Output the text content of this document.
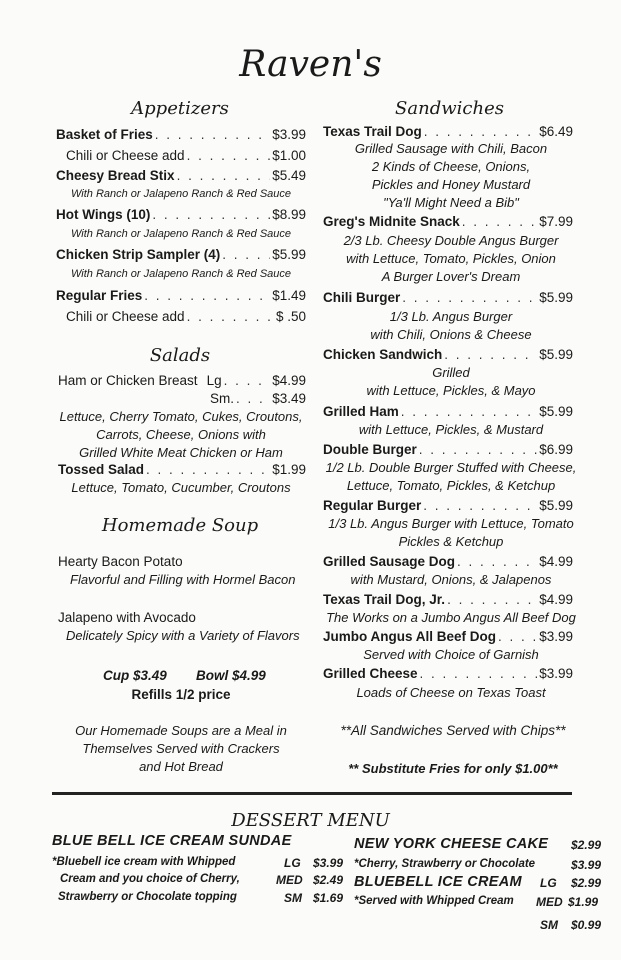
Raven's
Appetizers
Basket of Fries . . .	$3.99
Chili or Cheese add . . .	$1.00
Cheesy Bread Stix . . .	$5.49
With Ranch or Jalapeno Ranch & Red Sauce
Hot Wings (10) . . .	$8.99
With Ranch or Jalapeno Ranch & Red Sauce
Chicken Strip Sampler (4) . . .	$5.99
With Ranch or Jalapeno Ranch & Red Sauce
Regular Fries . . .	$1.49
Chili or Cheese add . . .	$ .50
Salads
Ham or Chicken Breast Lg . . .	$4.99
Sm. . . .	$3.49
Lettuce, Cherry Tomato, Cukes, Croutons,
Carrots, Cheese, Onions with
Grilled White Meat Chicken or Ham
Tossed Salad . . .	$1.99
Lettuce, Tomato, Cucumber, Croutons
Homemade Soup
Hearty Bacon Potato
Flavorful and Filling with Hormel Bacon
Jalapeno with Avocado
Delicately Spicy with a Variety of Flavors
Cup $3.49 Bowl $4.99
Refills 1/2 price
Our Homemade Soups are a Meal in
Themselves Served with Crackers
and Hot Bread
Sandwiches
Texas Trail Dog . . .	$6.49
Grilled Sausage with Chili, Bacon
2 Kinds of Cheese, Onions,
Pickles and Honey Mustard
"Ya'll Might Need a Bib"
Greg's Midnite Snack . . .	$7.99
2/3 Lb. Cheesy Double Angus Burger
with Lettuce, Tomato, Pickles, Onion
A Burger Lover's Dream
Chili Burger . . .	$5.99
1/3 Lb. Angus Burger
with Chili, Onions & Cheese
Chicken Sandwich . . .	$5.99
Grilled
with Lettuce, Pickles, & Mayo
Grilled Ham . . .	$5.99
with Lettuce, Pickles, & Mustard
Double Burger . . .	$6.99
1/2 Lb. Double Burger Stuffed with Cheese,
Lettuce, Tomato, Pickles, & Ketchup
Regular Burger . . .	$5.99
1/3 Lb. Angus Burger with Lettuce, Tomato
Pickles & Ketchup
Grilled Sausage Dog . . .	$4.99
with Mustard, Onions, & Jalapenos
Texas Trail Dog, Jr. . . .	$4.99
The Works on a Jumbo Angus All Beef Dog
Jumbo Angus All Beef Dog . . .	$3.99
Served with Choice of Garnish
Grilled Cheese . . .	$3.99
Loads of Cheese on Texas Toast
**All Sandwiches Served with Chips**
** Substitute Fries for only $1.00**
DESSERT MENU
BLUE BELL ICE CREAM SUNDAE
*Bluebell ice cream with Whipped
Cream and you choice of Cherry,
Strawberry or Chocolate topping
LG $3.99
MED $2.49
SM $1.69
NEW YORK CHEESE CAKE $2.99
*Cherry, Strawberry or Chocolate	$3.99
BLUEBELL ICE CREAM LG $2.99
*Served with Whipped Cream MED $1.99
SM $0.99
